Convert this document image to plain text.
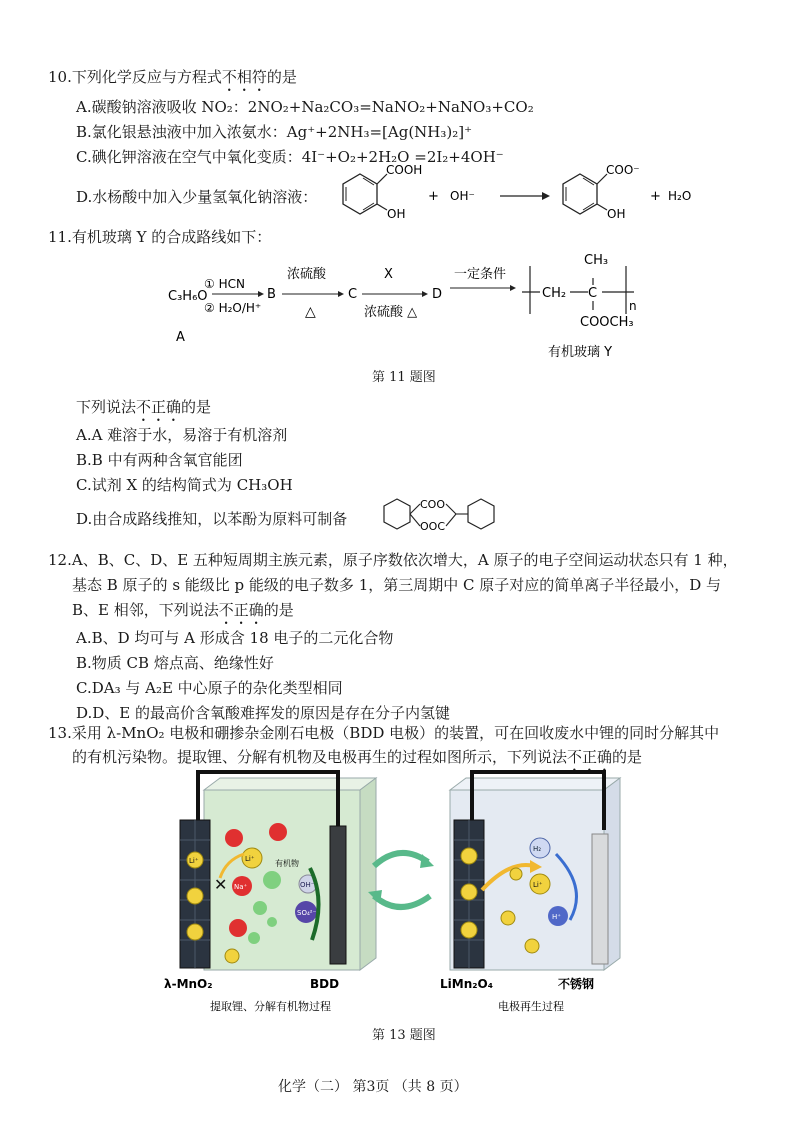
10.下列化学反应与方程式不相符的是
A.碳酸钠溶液吸收 NO₂：2NO₂+Na₂CO₃=NaNO₂+NaNO₃+CO₂
B.氯化银悬浊液中加入浓氨水：Ag⁺+2NH₃=[Ag(NH₃)₂]⁺
C.碘化钾溶液在空气中氧化变质：4I⁻+O₂+2H₂O =2I₂+4OH⁻
D.水杨酸中加入少量氢氧化钠溶液：
COOH
OH
+ OH⁻
COO⁻
OH
+ H₂O
11.有机玻璃 Y 的合成路线如下：
C₃H₆O
A
① HCN
② H₂O/H⁺
B
浓硫酸
△
C
X
浓硫酸 △
D
一定条件
CH₂ C
CH₃
COOCH₃
n
有机玻璃 Y
第 11 题图
下列说法不正确的是
A.A 难溶于水，易溶于有机溶剂
B.B 中有两种含氧官能团
C.试剂 X 的结构简式为 CH₃OH
D.由合成路线推知，以苯酚为原料可制备
COO
OOC
12.A、B、C、D、E 五种短周期主族元素，原子序数依次增大，A 原子的电子空间运动状态只有 1 种，
基态 B 原子的 s 能级比 p 能级的电子数多 1，第三周期中 C 原子对应的简单离子半径最小，D 与
B、E 相邻，下列说法不正确的是
A.B、D 均可与 A 形成含 18 电子的二元化合物
B.物质 CB 熔点高、绝缘性好
C.DA₃ 与 A₂E 中心原子的杂化类型相同
D.D、E 的最高价含氧酸难挥发的原因是存在分子内氢键
13.采用 λ-MnO₂ 电极和硼掺杂金刚石电极（BDD 电极）的装置，可在回收废水中锂的同时分解其中
的有机污染物。提取锂、分解有机物及电极再生的过程如图所示，下列说法不正确的是
Li⁺	Li⁺
Na⁺
有机物
OH⁻
SO₄²⁻
✕
λ-MnO₂	BDD
提取锂、分解有机物过程
H₂
Li⁺
H⁺
LiMn₂O₄	不锈钢
电极再生过程
第 13 题图
化学（二） 第3页 （共 8 页）
